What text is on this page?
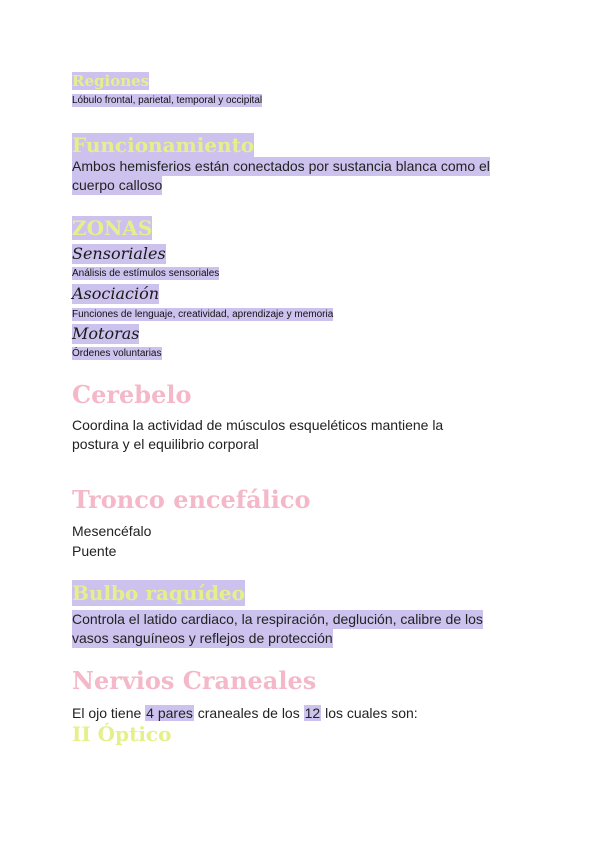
Regiones
Lóbulo frontal, parietal, temporal y occipital
Funcionamiento
Ambos hemisferios están conectados por sustancia blanca como el
cuerpo calloso
ZONAS
Sensoriales
Análisis de estímulos sensoriales
Asociación
Funciones de lenguaje, creatividad, aprendizaje y memoria
Motoras
Órdenes voluntarias
Cerebelo
Coordina la actividad de músculos esqueléticos mantiene la
postura y el equilibrio corporal
Tronco encefálico
Mesencéfalo
Puente
Bulbo raquídeo
Controla el latido cardiaco, la respiración, deglución, calibre de los
vasos sanguíneos y reflejos de protección
Nervios Craneales
El ojo tiene 4 pares craneales de los 12 los cuales son:
II Óptico
